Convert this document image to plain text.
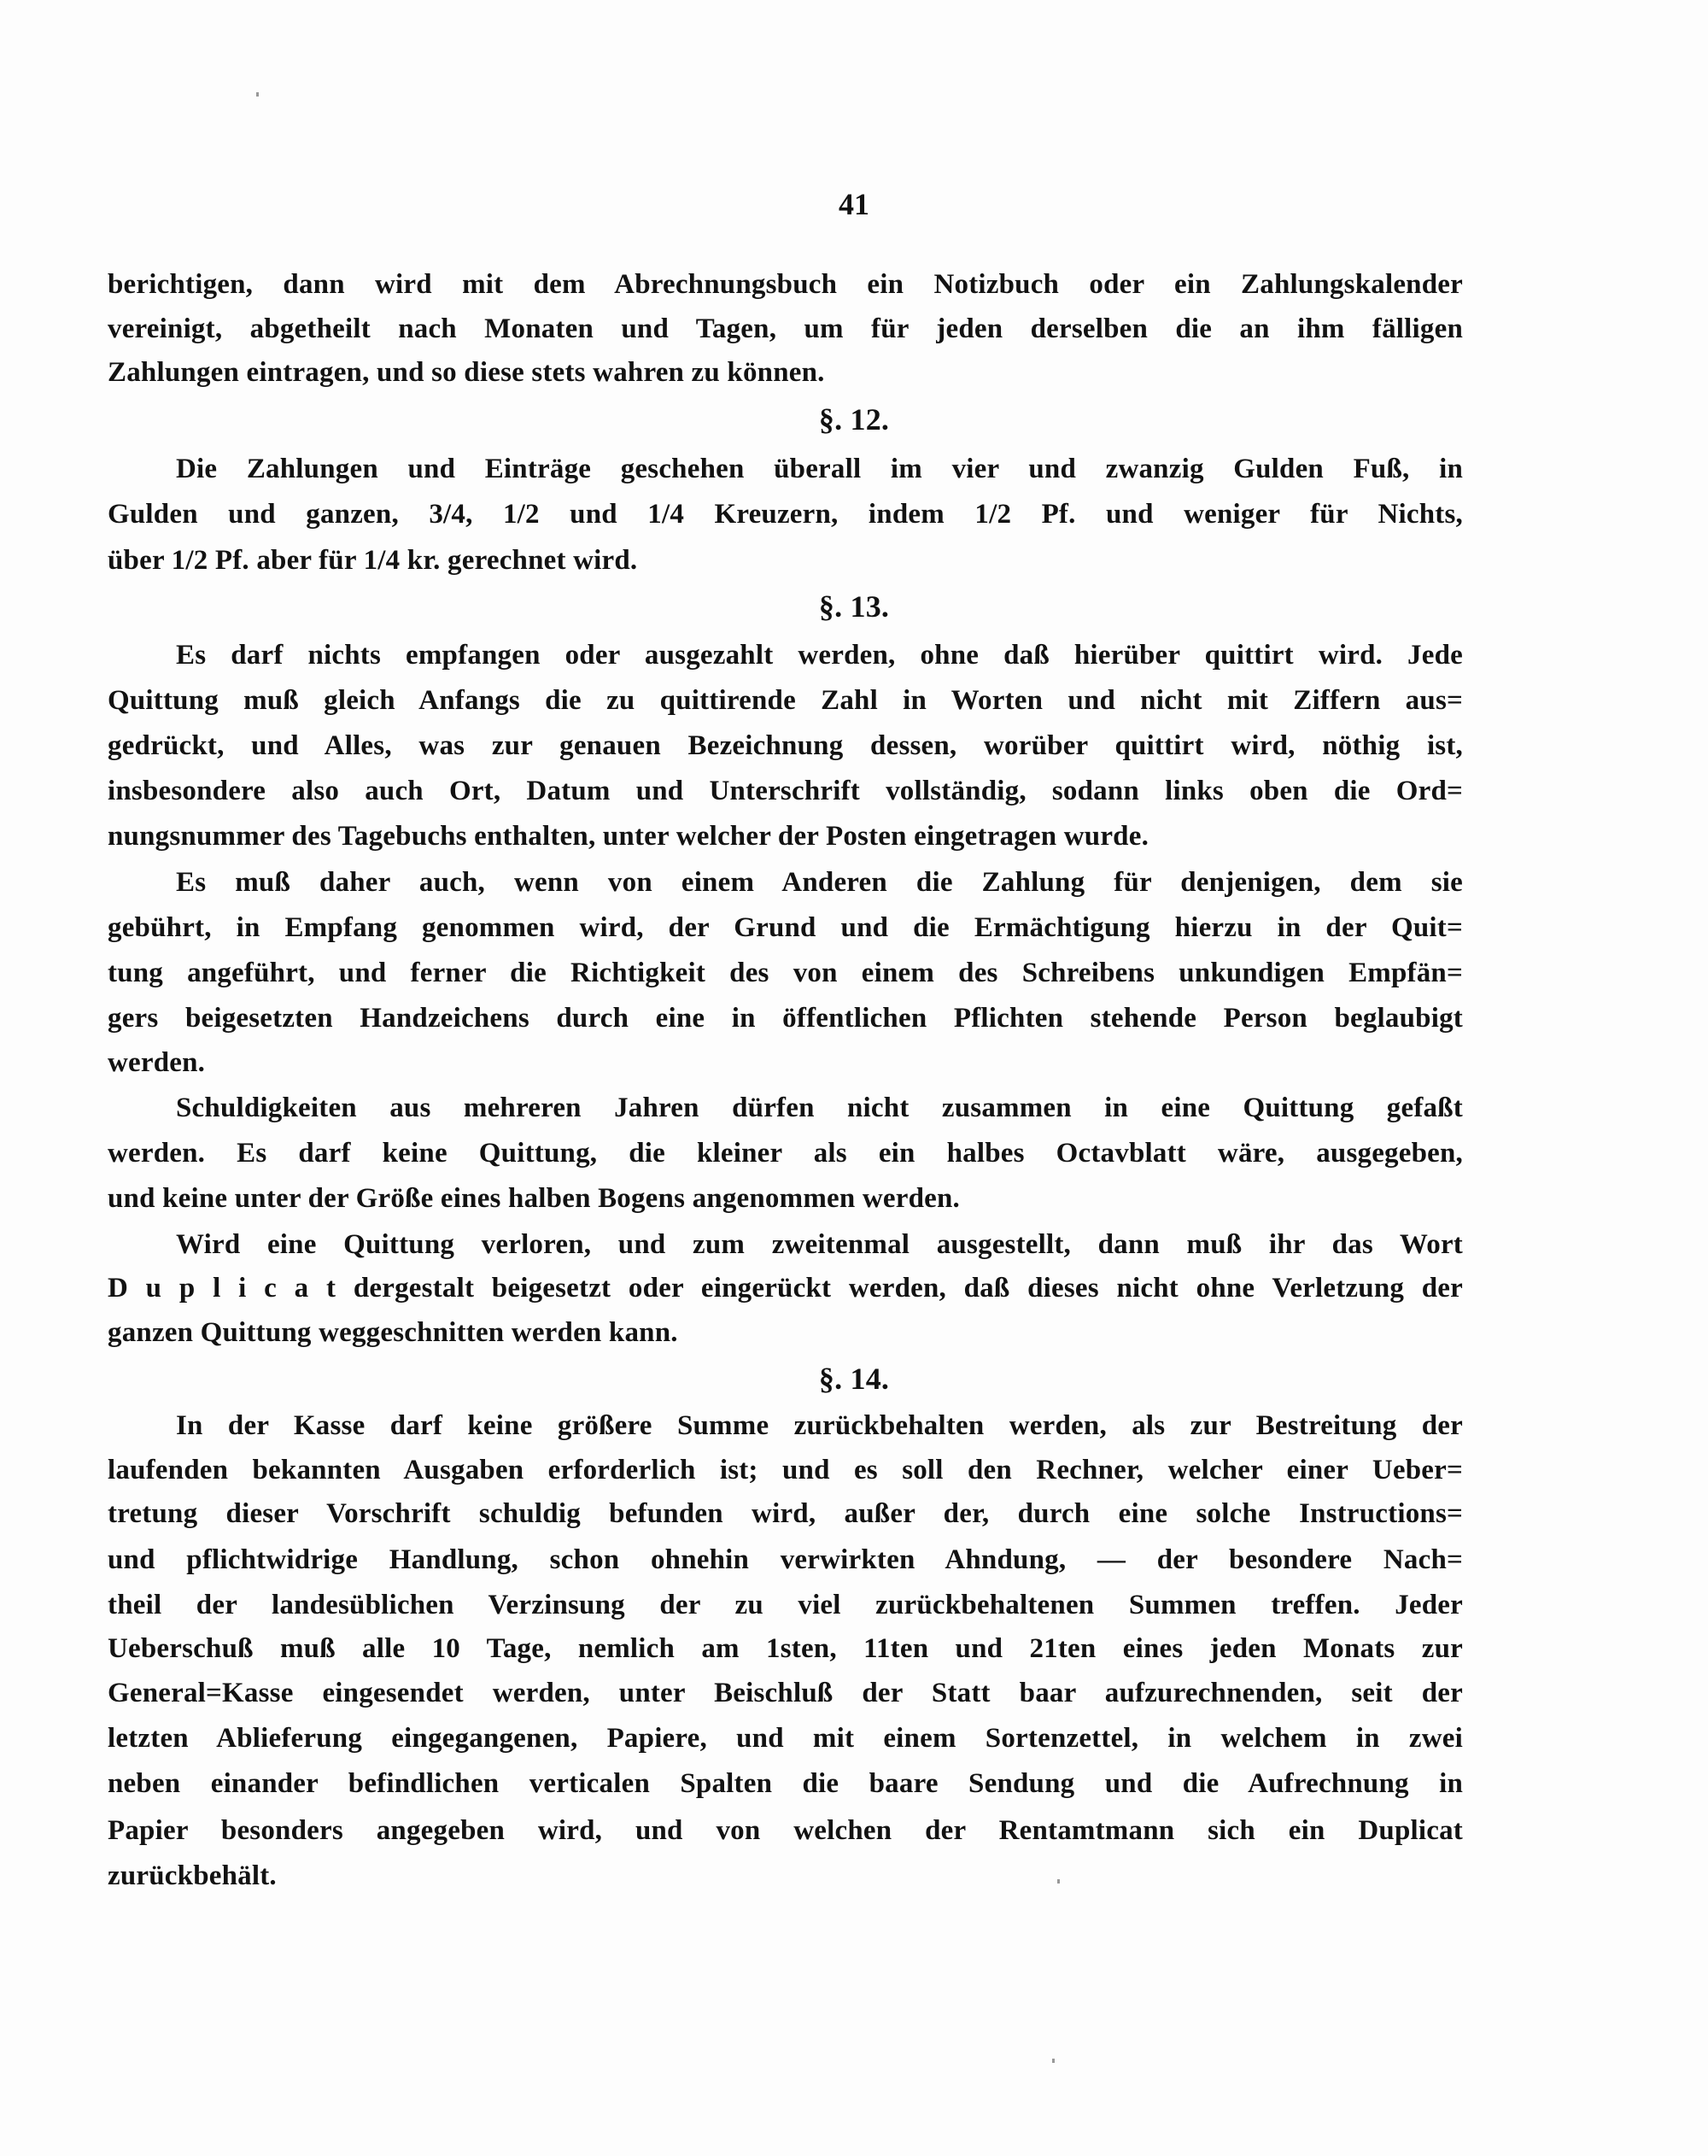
41
berichtigen, dann wird mit dem Abrechnungsbuch ein Notizbuch oder ein Zahlungskalender
vereinigt, abgetheilt nach Monaten und Tagen, um für jeden derselben die an ihm fälligen
Zahlungen eintragen, und so diese stets wahren zu können.
§. 12.
Die Zahlungen und Einträge geschehen überall im vier und zwanzig Gulden Fuß, in
Gulden und ganzen, 3/4, 1/2 und 1/4 Kreuzern, indem 1/2 Pf. und weniger für Nichts,
über 1/2 Pf. aber für 1/4 kr. gerechnet wird.
§. 13.
Es darf nichts empfangen oder ausgezahlt werden, ohne daß hierüber quittirt wird. Jede
Quittung muß gleich Anfangs die zu quittirende Zahl in Worten und nicht mit Ziffern aus=
gedrückt, und Alles, was zur genauen Bezeichnung dessen, worüber quittirt wird, nöthig ist,
insbesondere also auch Ort, Datum und Unterschrift vollständig, sodann links oben die Ord=
nungsnummer des Tagebuchs enthalten, unter welcher der Posten eingetragen wurde.
Es muß daher auch, wenn von einem Anderen die Zahlung für denjenigen, dem sie
gebührt, in Empfang genommen wird, der Grund und die Ermächtigung hierzu in der Quit=
tung angeführt, und ferner die Richtigkeit des von einem des Schreibens unkundigen Empfän=
gers beigesetzten Handzeichens durch eine in öffentlichen Pflichten stehende Person beglaubigt
werden.
Schuldigkeiten aus mehreren Jahren dürfen nicht zusammen in eine Quittung gefaßt
werden. Es darf keine Quittung, die kleiner als ein halbes Octavblatt wäre, ausgegeben,
und keine unter der Größe eines halben Bogens angenommen werden.
Wird eine Quittung verloren, und zum zweitenmal ausgestellt, dann muß ihr das Wort
D u p l i c a t dergestalt beigesetzt oder eingerückt werden, daß dieses nicht ohne Verletzung der
ganzen Quittung weggeschnitten werden kann.
§. 14.
In der Kasse darf keine größere Summe zurückbehalten werden, als zur Bestreitung der
laufenden bekannten Ausgaben erforderlich ist; und es soll den Rechner, welcher einer Ueber=
tretung dieser Vorschrift schuldig befunden wird, außer der, durch eine solche Instructions=
und pflichtwidrige Handlung, schon ohnehin verwirkten Ahndung, — der besondere Nach=
theil der landesüblichen Verzinsung der zu viel zurückbehaltenen Summen treffen. Jeder
Ueberschuß muß alle 10 Tage, nemlich am 1sten, 11ten und 21ten eines jeden Monats zur
General=Kasse eingesendet werden, unter Beischluß der Statt baar aufzurechnenden, seit der
letzten Ablieferung eingegangenen, Papiere, und mit einem Sortenzettel, in welchem in zwei
neben einander befindlichen verticalen Spalten die baare Sendung und die Aufrechnung in
Papier besonders angegeben wird, und von welchen der Rentamtmann sich ein Duplicat
zurückbehält.
